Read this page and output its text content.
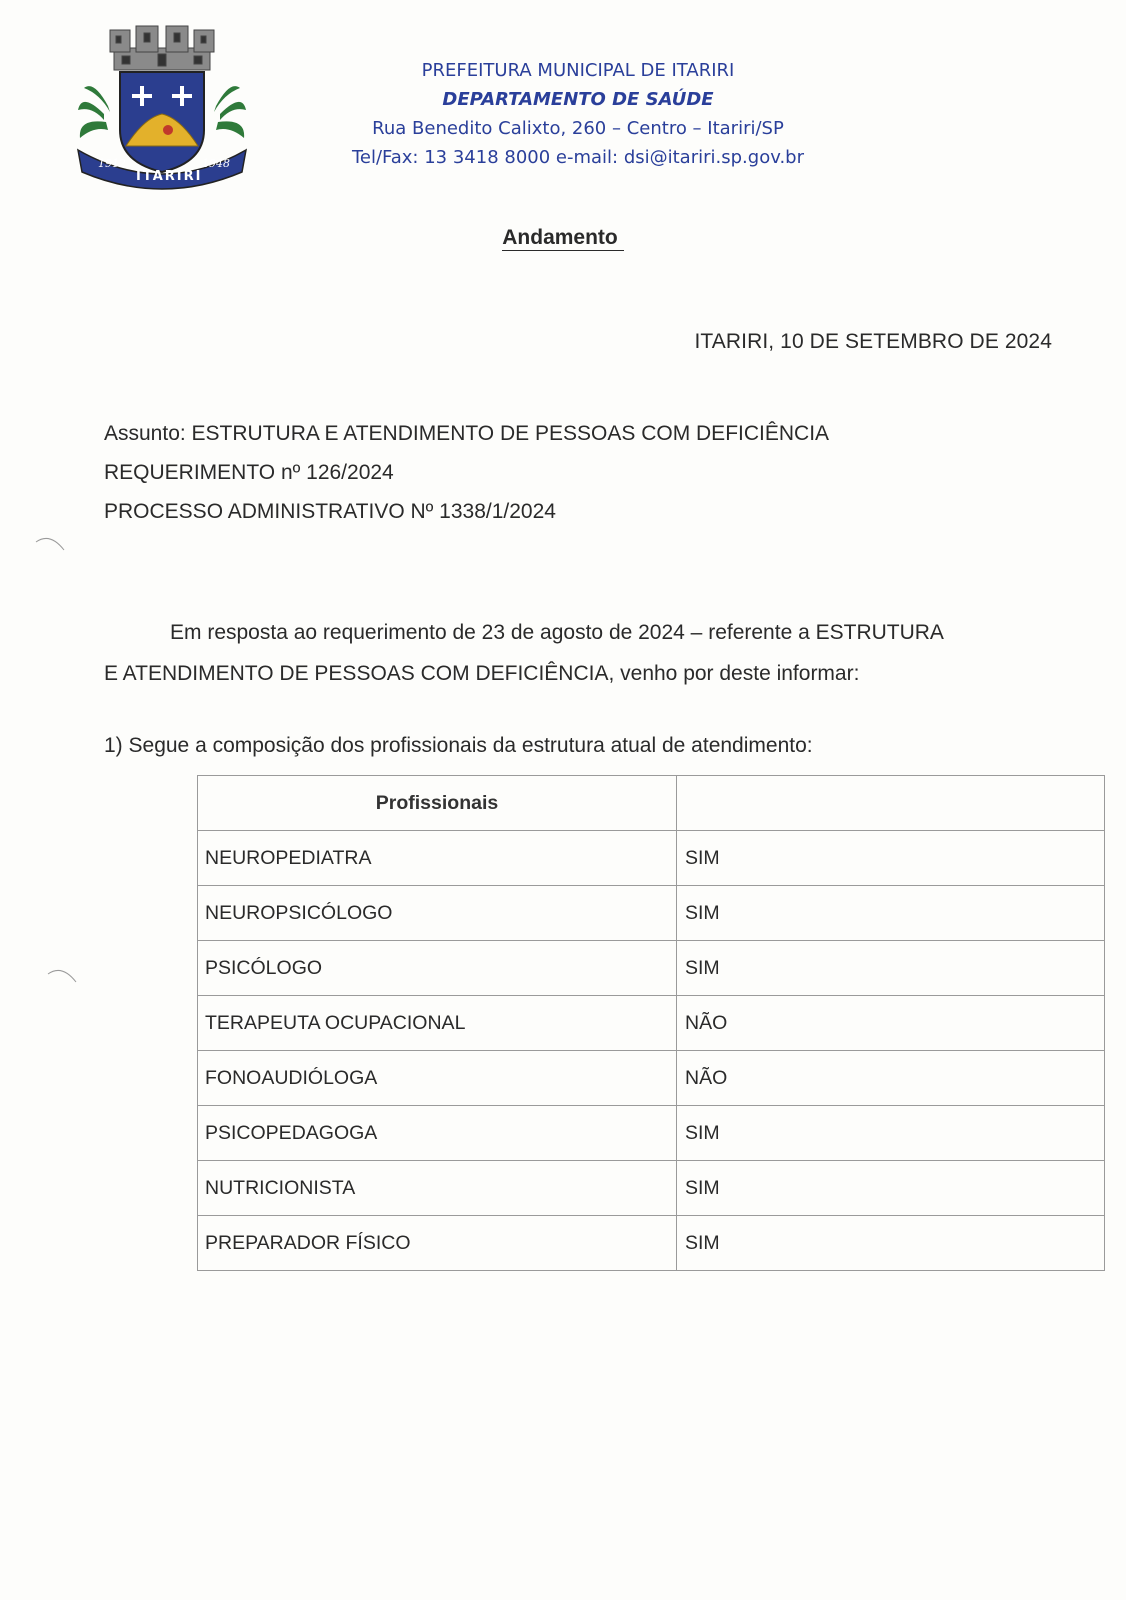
1912
ITARIRI
1948
PREFEITURA MUNICIPAL DE ITARIRI
DEPARTAMENTO DE SAÚDE
Rua Benedito Calixto, 260 – Centro – Itariri/SP
Tel/Fax: 13 3418 8000 e-mail: dsi@itariri.sp.gov.br
Andamento
ITARIRI, 10 DE SETEMBRO DE 2024
Assunto: ESTRUTURA E ATENDIMENTO DE PESSOAS COM DEFICIÊNCIA
REQUERIMENTO nº 126/2024
PROCESSO ADMINISTRATIVO Nº 1338/1/2024
Em resposta ao requerimento de 23 de agosto de 2024 – referente a ESTRUTURA
E ATENDIMENTO DE PESSOAS COM DEFICIÊNCIA, venho por deste informar:
1) Segue a composição dos profissionais da estrutura atual de atendimento:
Profissionais	
NEUROPEDIATRA	SIM
NEUROPSICÓLOGO	SIM
PSICÓLOGO	SIM
TERAPEUTA OCUPACIONAL	NÃO
FONOAUDIÓLOGA	NÃO
PSICOPEDAGOGA	SIM
NUTRICIONISTA	SIM
PREPARADOR FÍSICO	SIM
